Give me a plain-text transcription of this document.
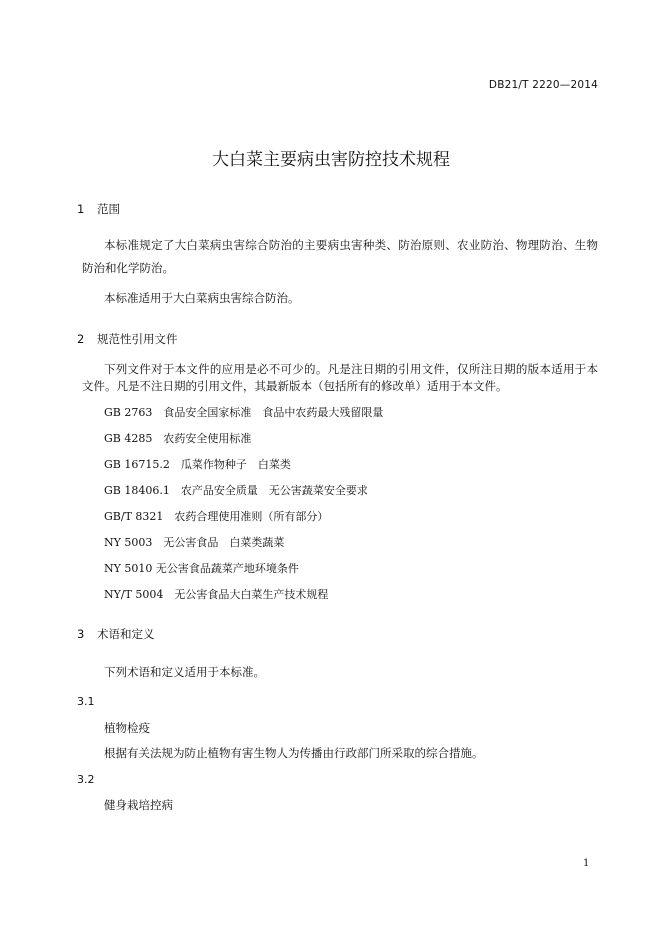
DB21/T 2220—2014
大白菜主要病虫害防控技术规程
1 范围
本标准规定了大白菜病虫害综合防治的主要病虫害种类、防治原则、农业防治、物理防治、生物防治和化学防治。
本标准适用于大白菜病虫害综合防治。
2 规范性引用文件
下列文件对于本文件的应用是必不可少的。凡是注日期的引用文件，仅所注日期的版本适用于本文件。凡是不注日期的引用文件，其最新版本（包括所有的修改单）适用于本文件。
GB 2763　食品安全国家标准　食品中农药最大残留限量
GB 4285　农药安全使用标准
GB 16715.2　瓜菜作物种子　白菜类
GB 18406.1　农产品安全质量　无公害蔬菜安全要求
GB/T 8321　农药合理使用准则（所有部分）
NY 5003　无公害食品　白菜类蔬菜
NY 5010 无公害食品蔬菜产地环境条件
NY/T 5004　无公害食品大白菜生产技术规程
3 术语和定义
下列术语和定义适用于本标准。
3.1
植物检疫
根据有关法规为防止植物有害生物人为传播由行政部门所采取的综合措施。
3.2
健身栽培控病
1
